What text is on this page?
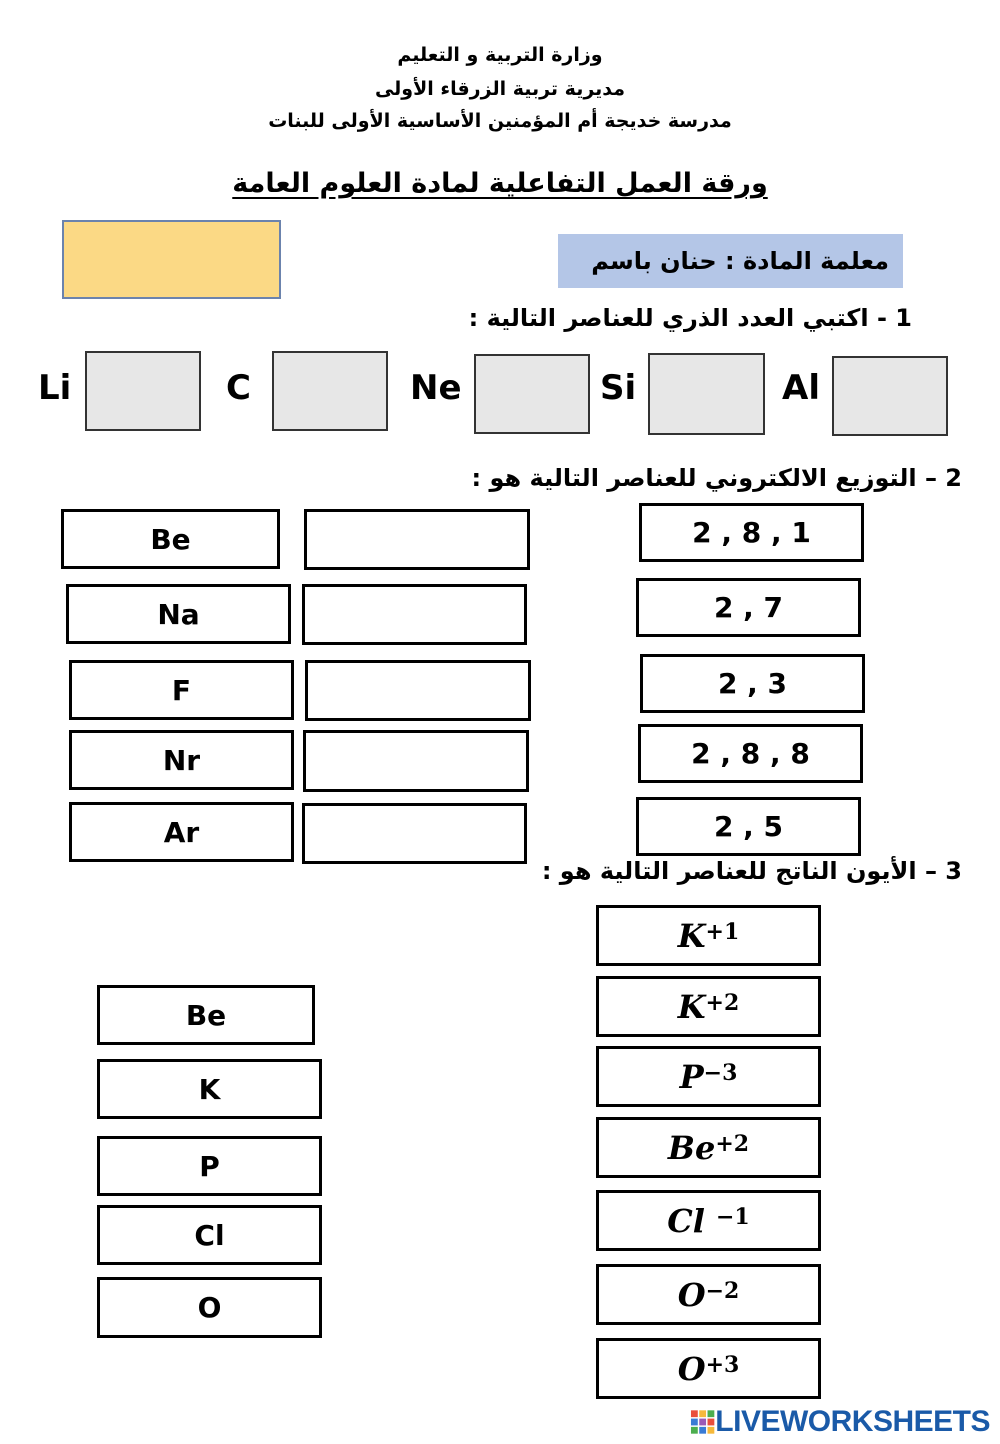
وزارة التربية و التعليم
مديرية تربية الزرقاء الأولى
مدرسة خديجة أم المؤمنين الأساسية الأولى للبنات
ورقة العمل التفاعلية لمادة العلوم العامة
معلمة المادة : حنان باسم
1 - اكتبي العدد الذري للعناصر التالية :
Li	C	Ne	Si	Al
2 – التوزيع الالكتروني للعناصر التالية هو :
Be	2 , 8 , 1
Na	2 , 7
F	2 , 3
Nr	2 , 8 , 8
Ar	2 , 5
3 – الأيون الناتج للعناصر التالية هو :
Be
K
P
Cl
O
$K^{+1}$
$K^{+2}$
$P^{-3}$
$Be^{+2}$
Cl $^{-1}$
$O^{-2}$
$O^{+3}$
LIVEWORKSHEETS
